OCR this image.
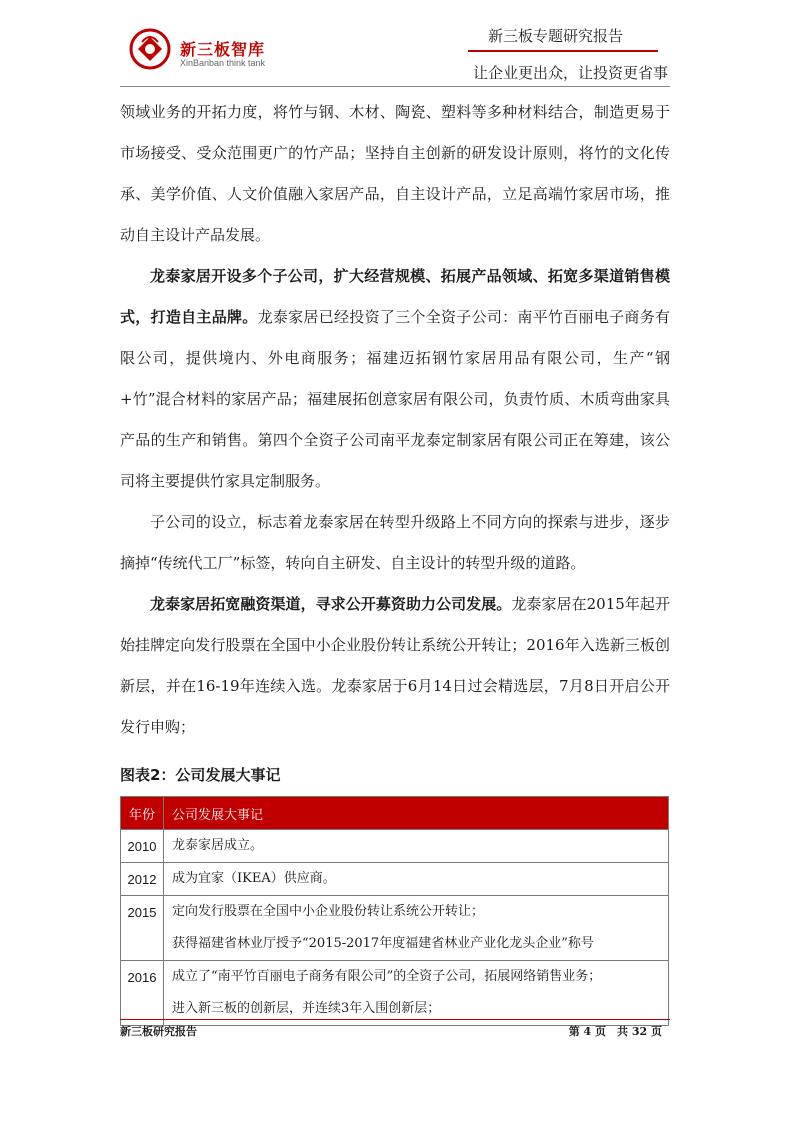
新三板智库
XinBanban think tank
新三板专题研究报告
让企业更出众，让投资更省事

领域业务的开拓力度，将竹与钢、木材、陶瓷、塑料等多种材料结合，制造更易于市场接受、受众范围更广的竹产品；坚持自主创新的研发设计原则，将竹的文化传承、美学价值、人文价值融入家居产品，自主设计产品，立足高端竹家居市场，推动自主设计产品发展。

龙泰家居开设多个子公司，扩大经营规模、拓展产品领域、拓宽多渠道销售模式，打造自主品牌。龙泰家居已经投资了三个全资子公司：南平竹百丽电子商务有限公司，提供境内、外电商服务；福建迈拓钢竹家居用品有限公司，生产“钢+竹”混合材料的家居产品；福建展拓创意家居有限公司，负责竹质、木质弯曲家具产品的生产和销售。第四个全资子公司南平龙泰定制家居有限公司正在筹建，该公司将主要提供竹家具定制服务。

子公司的设立，标志着龙泰家居在转型升级路上不同方向的探索与进步，逐步摘掉“传统代工厂”标签，转向自主研发、自主设计的转型升级的道路。

龙泰家居拓宽融资渠道，寻求公开募资助力公司发展。龙泰家居在2015年起开始挂牌定向发行股票在全国中小企业股份转让系统公开转让；2016年入选新三板创新层，并在16-19年连续入选。龙泰家居于6月14日过会精选层，7月8日开启公开发行申购；

图表2：公司发展大事记
年份	公司发展大事记
2010	龙泰家居成立。

2012	成为宜家（IKEA）供应商。

2015	定向发行股票在全国中小企业股份转让系统公开转让；
获得福建省林业厅授予“2015-2017年度福建省林业产业化龙头企业”称号

2016	成立了“南平竹百丽电子商务有限公司”的全资子公司，拓展网络销售业务；
进入新三板的创新层，并连续3年入围创新层；
新三板研究报告	第 4 页　共 32 页
